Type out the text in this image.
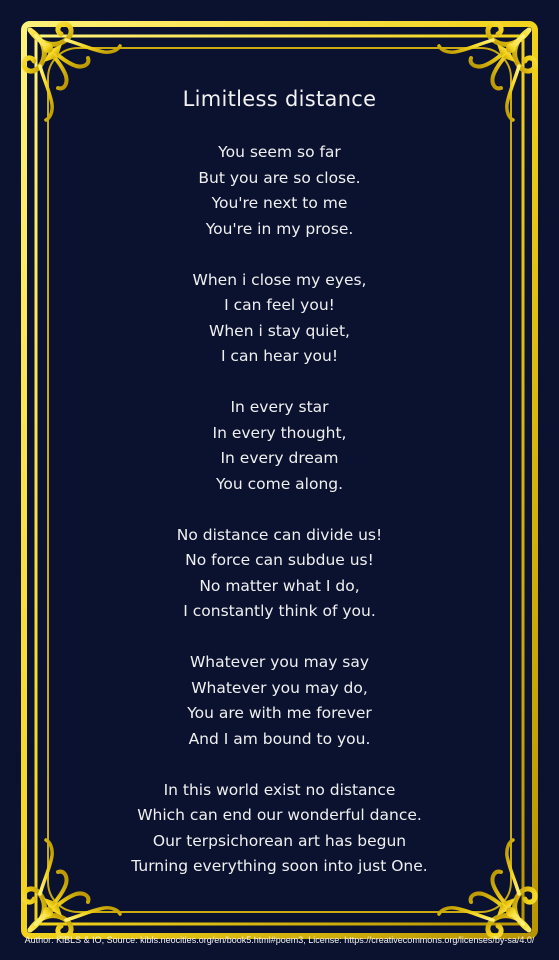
Limitless distance
You seem so far
But you are so close.
You're next to me
You're in my prose.
When i close my eyes,
I can feel you!
When i stay quiet,
I can hear you!
In every star
In every thought,
In every dream
You come along.
No distance can divide us!
No force can subdue us!
No matter what I do,
I constantly think of you.
Whatever you may say
Whatever you may do,
You are with me forever
And I am bound to you.
In this world exist no distance
Which can end our wonderful dance.
Our terpsichorean art has begun
Turning everything soon into just One.
Author: KiBLS & IO, Source: kibls.neocities.org/en/book5.html#poem3, License: https://creativecommons.org/licenses/by-sa/4.0/
